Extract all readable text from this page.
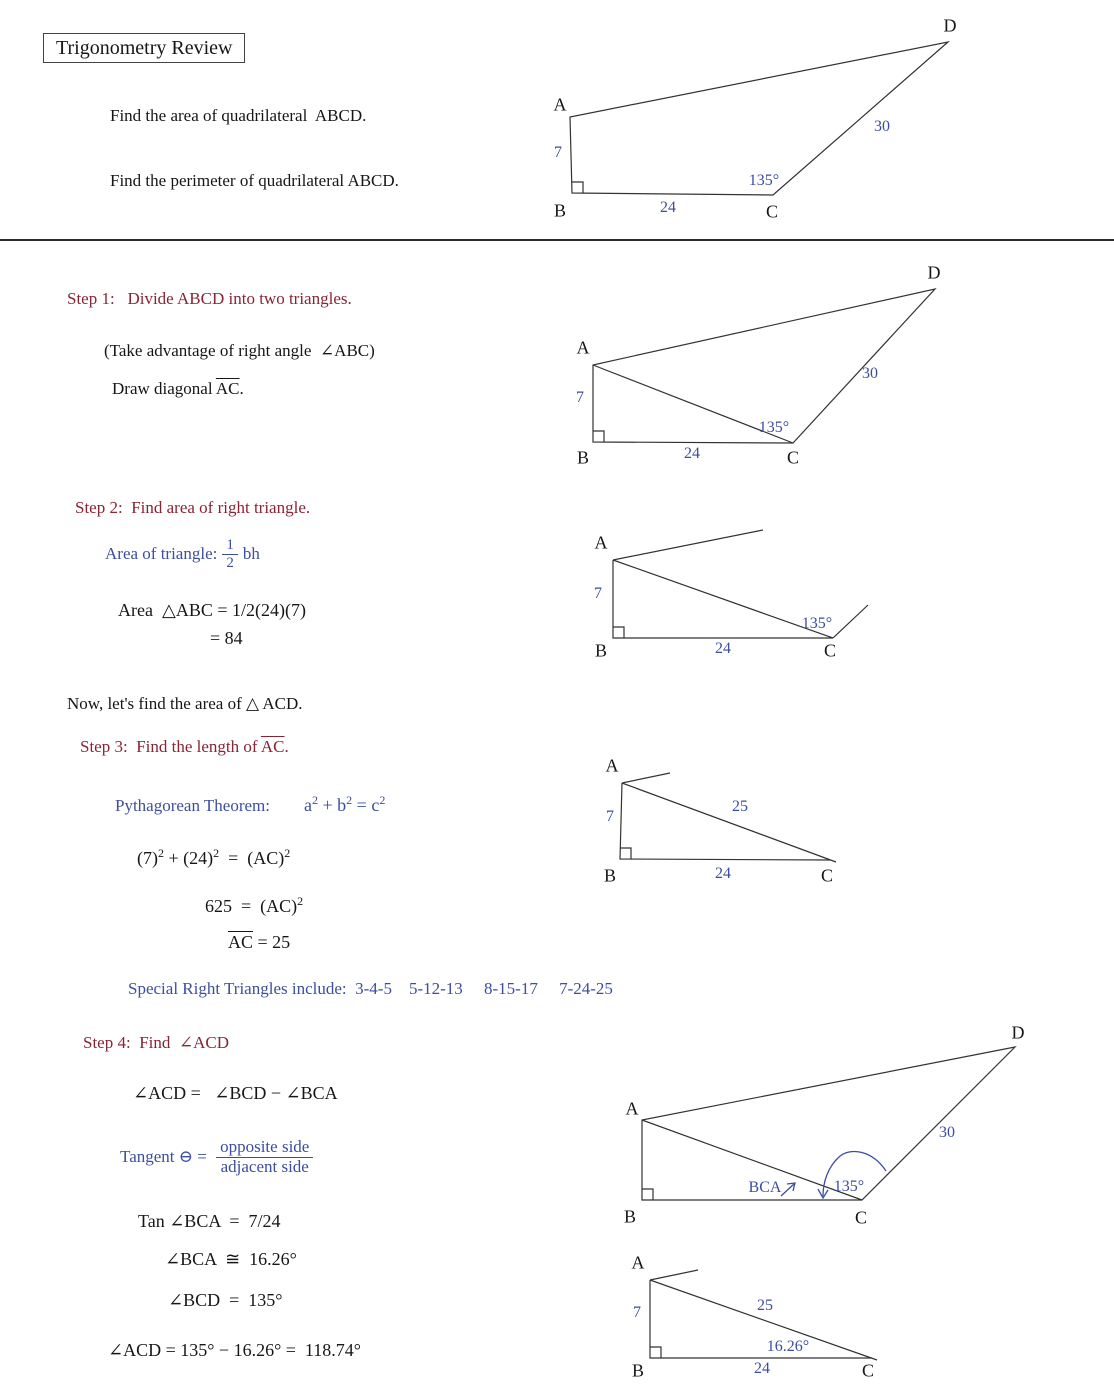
Trigonometry Review

Find the area of quadrilateral  ABCD.
Find the perimeter of quadrilateral ABCD.
A
B	C
D
7
24
30
135°
Step 1:   Divide ABCD into two triangles.
(Take advantage of right angle  ∠ABC)
Draw diagonal $\overline{AC}$.
A
B	C
D
7
24
30
135°
Step 2:  Find area of right triangle.
Area of triangle: $\frac{1}{2}$ bh
Area  △ABC = 1/2(24)(7)
= 84
A
B	C
7
24
135°
Now, let's find the area of △ ACD.
Step 3:  Find the length of $\overline{AC}$.
Pythagorean Theorem: $a^2 + b^2 = c^2$
$(7)^2 + (24)^2 = (AC)^2$
625  =  (AC)$^2$
$\overline{AC} = 25$
Special Right Triangles include:  3-4-5    5-12-13     8-15-17     7-24-25
A
B	C
7
25
24
Step 4:  Find  ∠ACD
∠ACD =   ∠BCD − ∠BCA
Tangent ⊖ = $\frac{\text{opposite side}}{\text{adjacent side}}$
Tan ∠BCA  =  7/24
∠BCA  ≅  16.26°
∠BCD  =  135°
∠ACD = 135° − 16.26° =  118.74°
A
B	C
D
30
BCA	135°
A
B	C
7	25
24
16.26°
